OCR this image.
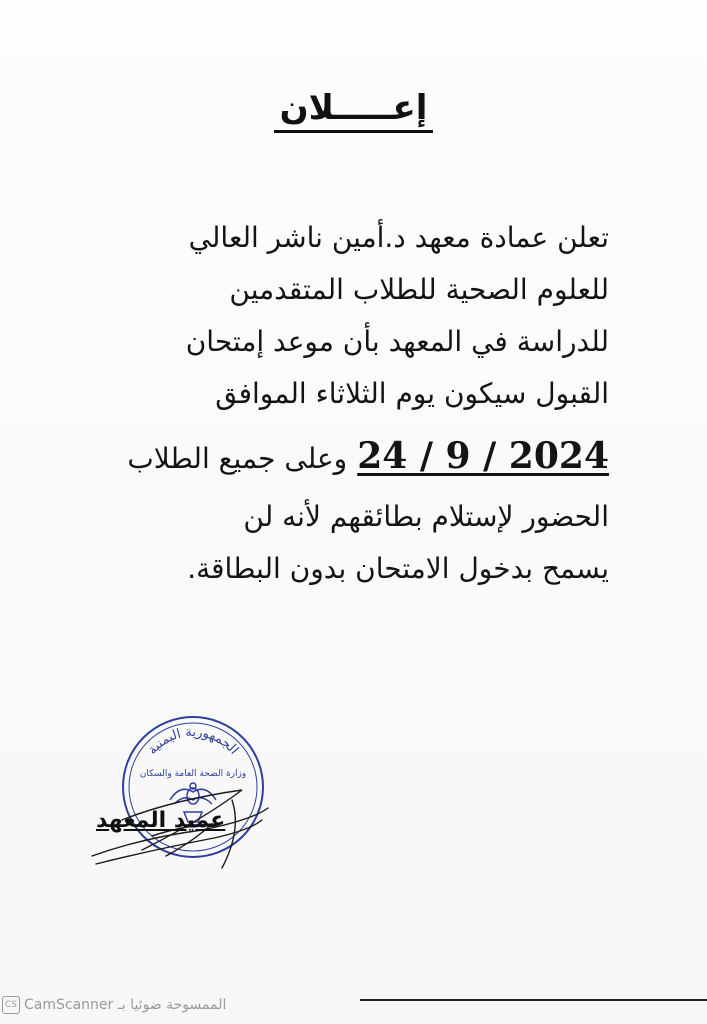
إعـــــلان
تعلن عمادة معهد د.أمين ناشر العالي
للعلوم الصحية للطلاب المتقدمين
للدراسة في المعهد بأن موعد إمتحان
القبول سيكون يوم الثلاثاء الموافق
24 / 9 / 2024وعلى جميع الطلاب
الحضور لإستلام بطائقهم لأنه لن
يسمح بدخول الامتحان بدون البطاقة.
الجمهورية اليمنية
وزارة الصحة العامة والسكان
عميد المعهد
CS CamScanner الممسوحة ضوئيا بـ
